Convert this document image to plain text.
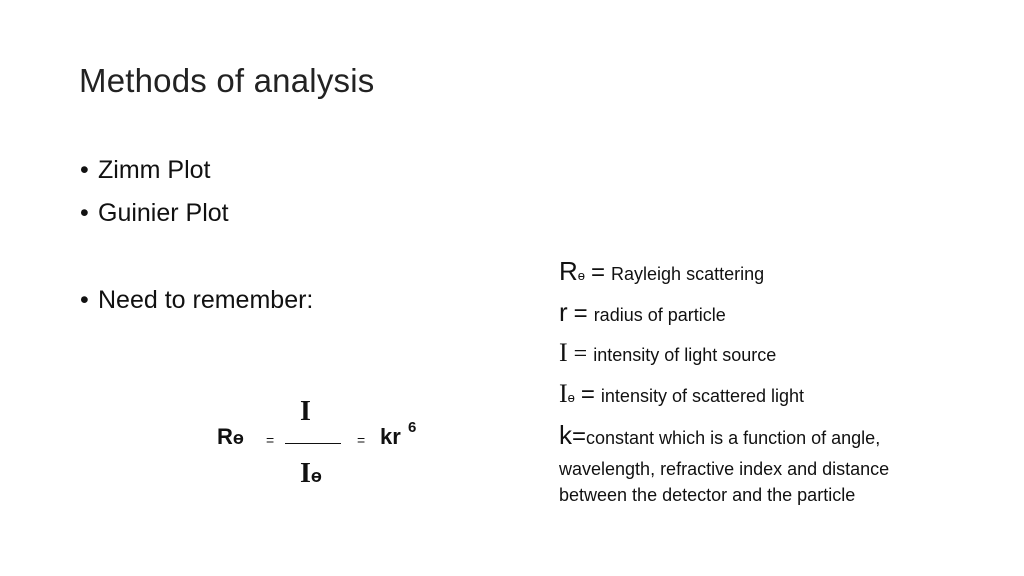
Methods of analysis
• Zimm Plot
• Guinier Plot
• Need to remember:
Rɵ =
I
Iɵ
= kr 6
Rɵ = Rayleigh scattering
r = radius of particle
I = intensity of light source
Iɵ = intensity of scattered light
k=constant which is a function of angle,
wavelength, refractive index and distance
between the detector and the particle
